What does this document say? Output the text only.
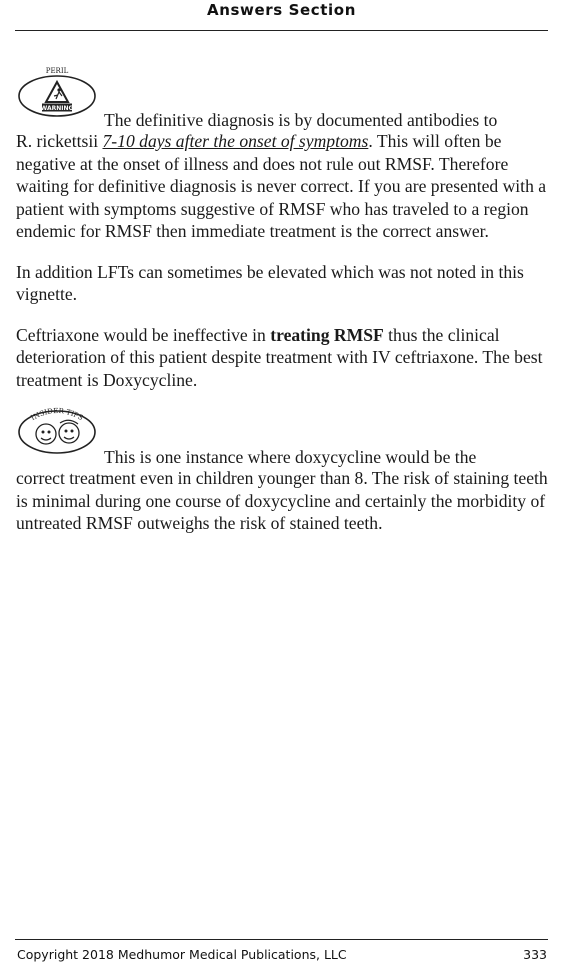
Answers Section
PERIL
WARNING
The definitive diagnosis is by documented antibodies to

R. rickettsii 7-10 days after the onset of symptoms. This will often be negative at the onset of illness and does not rule out RMSF. Therefore waiting for definitive diagnosis is never correct. If you are presented with a patient with symptoms suggestive of RMSF who has traveled to a region endemic for RMSF then immediate treatment is the correct answer.

In addition LFTs can sometimes be elevated which was not noted in this vignette.

Ceftriaxone would be ineffective in treating RMSF thus the clinical deterioration of this patient despite treatment with IV ceftriaxone. The best treatment is Doxycycline.

INSIDER TIPS
This is one instance where doxycycline would be the

correct treatment even in children younger than 8. The risk of staining teeth is minimal during one course of doxycycline and certainly the morbidity of untreated RMSF outweighs the risk of stained teeth.

Copyright 2018 Medhumor Medical Publications, LLC	333
